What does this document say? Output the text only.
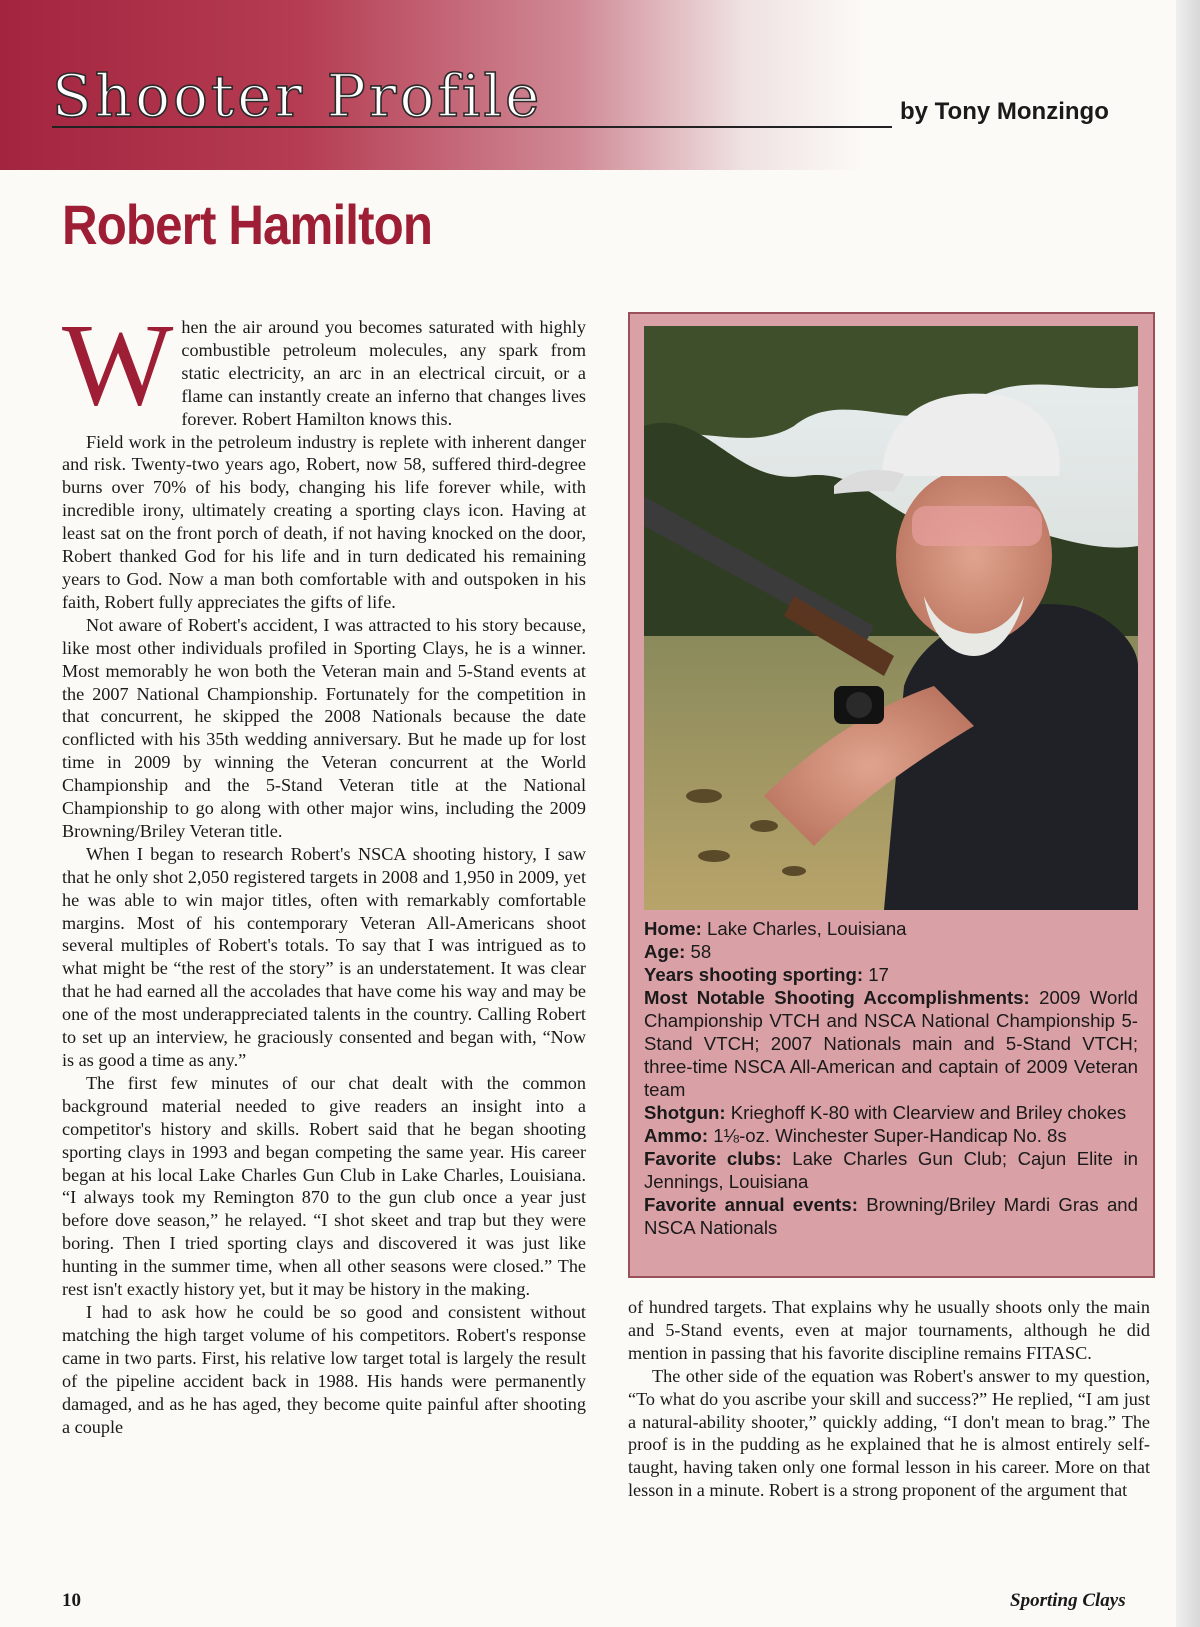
Shooter Profile	by Tony Monzingo
Robert Hamilton

When the air around you becomes saturated with highly combustible petroleum molecules, any spark from static electricity, an arc in an electrical circuit, or a flame can instantly create an inferno that changes lives forever. Robert Hamilton knows this.

Field work in the petroleum industry is replete with inherent danger and risk. Twenty-two years ago, Robert, now 58, suffered third-degree burns over 70% of his body, changing his life forever while, with incredible irony, ultimately creating a sporting clays icon. Having at least sat on the front porch of death, if not having knocked on the door, Robert thanked God for his life and in turn dedicated his remaining years to God. Now a man both comfortable with and outspoken in his faith, Robert fully appreciates the gifts of life.

Not aware of Robert's accident, I was attracted to his story because, like most other individuals profiled in Sporting Clays, he is a winner. Most memorably he won both the Veteran main and 5-Stand events at the 2007 National Championship. Fortunately for the competition in that concurrent, he skipped the 2008 Nationals because the date conflicted with his 35th wedding anniversary. But he made up for lost time in 2009 by winning the Veteran concurrent at the World Championship and the 5-Stand Veteran title at the National Championship to go along with other major wins, including the 2009 Browning/Briley Veteran title.

When I began to research Robert's NSCA shooting history, I saw that he only shot 2,050 registered targets in 2008 and 1,950 in 2009, yet he was able to win major titles, often with remarkably comfortable margins. Most of his contemporary Veteran All-Americans shoot several multiples of Robert's totals. To say that I was intrigued as to what might be “the rest of the story” is an understatement. It was clear that he had earned all the accolades that have come his way and may be one of the most underappreciated talents in the country. Calling Robert to set up an interview, he graciously consented and began with, “Now is as good a time as any.”

The first few minutes of our chat dealt with the common background material needed to give readers an insight into a competitor's history and skills. Robert said that he began shooting sporting clays in 1993 and began competing the same year. His career began at his local Lake Charles Gun Club in Lake Charles, Louisiana. “I always took my Remington 870 to the gun club once a year just before dove season,” he relayed. “I shot skeet and trap but they were boring. Then I tried sporting clays and discovered it was just like hunting in the summer time, when all other seasons were closed.” The rest isn't exactly history yet, but it may be history in the making.

I had to ask how he could be so good and consistent without matching the high target volume of his competitors. Robert's response came in two parts. First, his relative low target total is largely the result of the pipeline accident back in 1988. His hands were permanently damaged, and as he has aged, they become quite painful after shooting a couple

Home: Lake Charles, Louisiana

Age: 58

Years shooting sporting: 17

Most Notable Shooting Accomplishments: 2009 World Championship VTCH and NSCA National Championship 5-Stand VTCH; 2007 Nationals main and 5-Stand VTCH; three-time NSCA All-American and captain of 2009 Veteran team

Shotgun: Krieghoff K-80 with Clearview and Briley chokes

Ammo: 1⅛-oz. Winchester Super-Handicap No. 8s

Favorite clubs: Lake Charles Gun Club; Cajun Elite in Jennings, Louisiana

Favorite annual events: Browning/Briley Mardi Gras and NSCA Nationals

of hundred targets. That explains why he usually shoots only the main and 5-Stand events, even at major tournaments, although he did mention in passing that his favorite discipline remains FITASC.

The other side of the equation was Robert's answer to my question, “To what do you ascribe your skill and success?” He replied, “I am just a natural-ability shooter,” quickly adding, “I don't mean to brag.” The proof is in the pudding as he explained that he is almost entirely self-taught, having taken only one formal lesson in his career. More on that lesson in a minute. Robert is a strong proponent of the argument that

10	Sporting Clays
